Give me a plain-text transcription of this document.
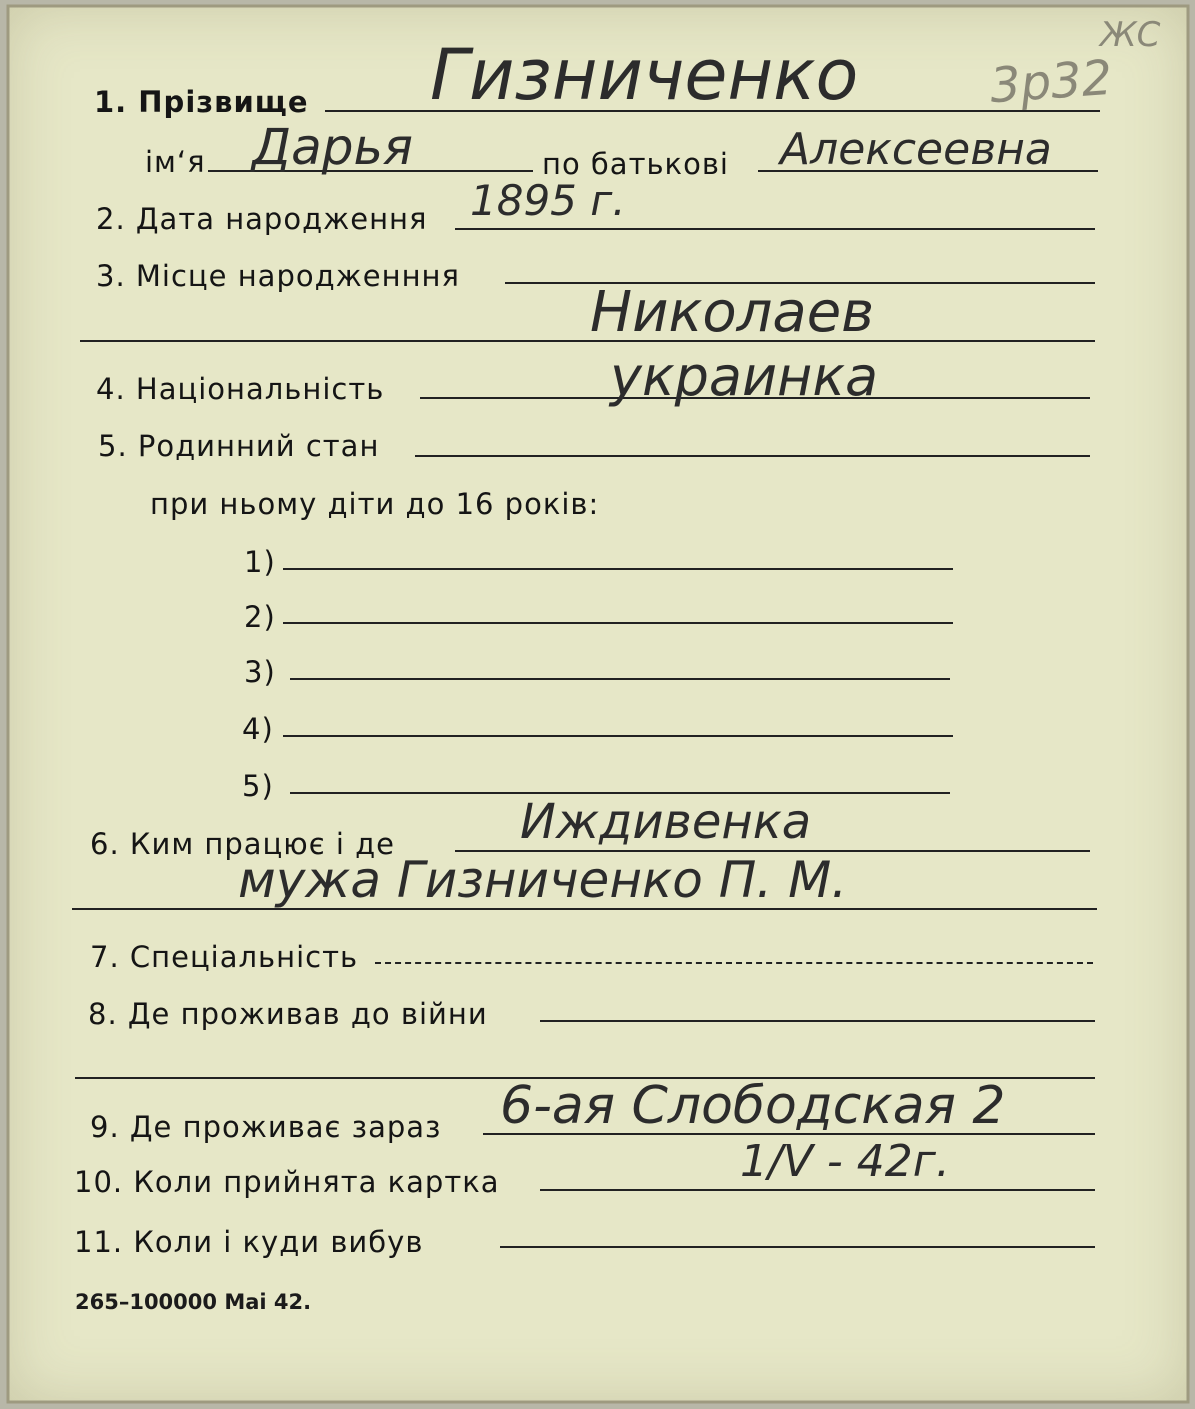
ЖС
3р32
1. Прізвище Гизниченко
ім‘я Дарья	по батькові Алексеевна
2. Дата народження 1895 г.
3. Місце народженння
Николаев
4. Національність	украинка
5. Родинний стан
при ньому діти до 16 років:
1)
2)
3)
4)
5)
6. Ким працює і де	Иждивенка
мужа Гизниченко П. М.
7. Спеціальність
8. Де проживав до війни
9. Де проживає зараз 6-ая Слободская 2
10. Коли прийнята картка	1/V - 42г.
11. Коли і куди вибув
265–100000 Mai 42.
